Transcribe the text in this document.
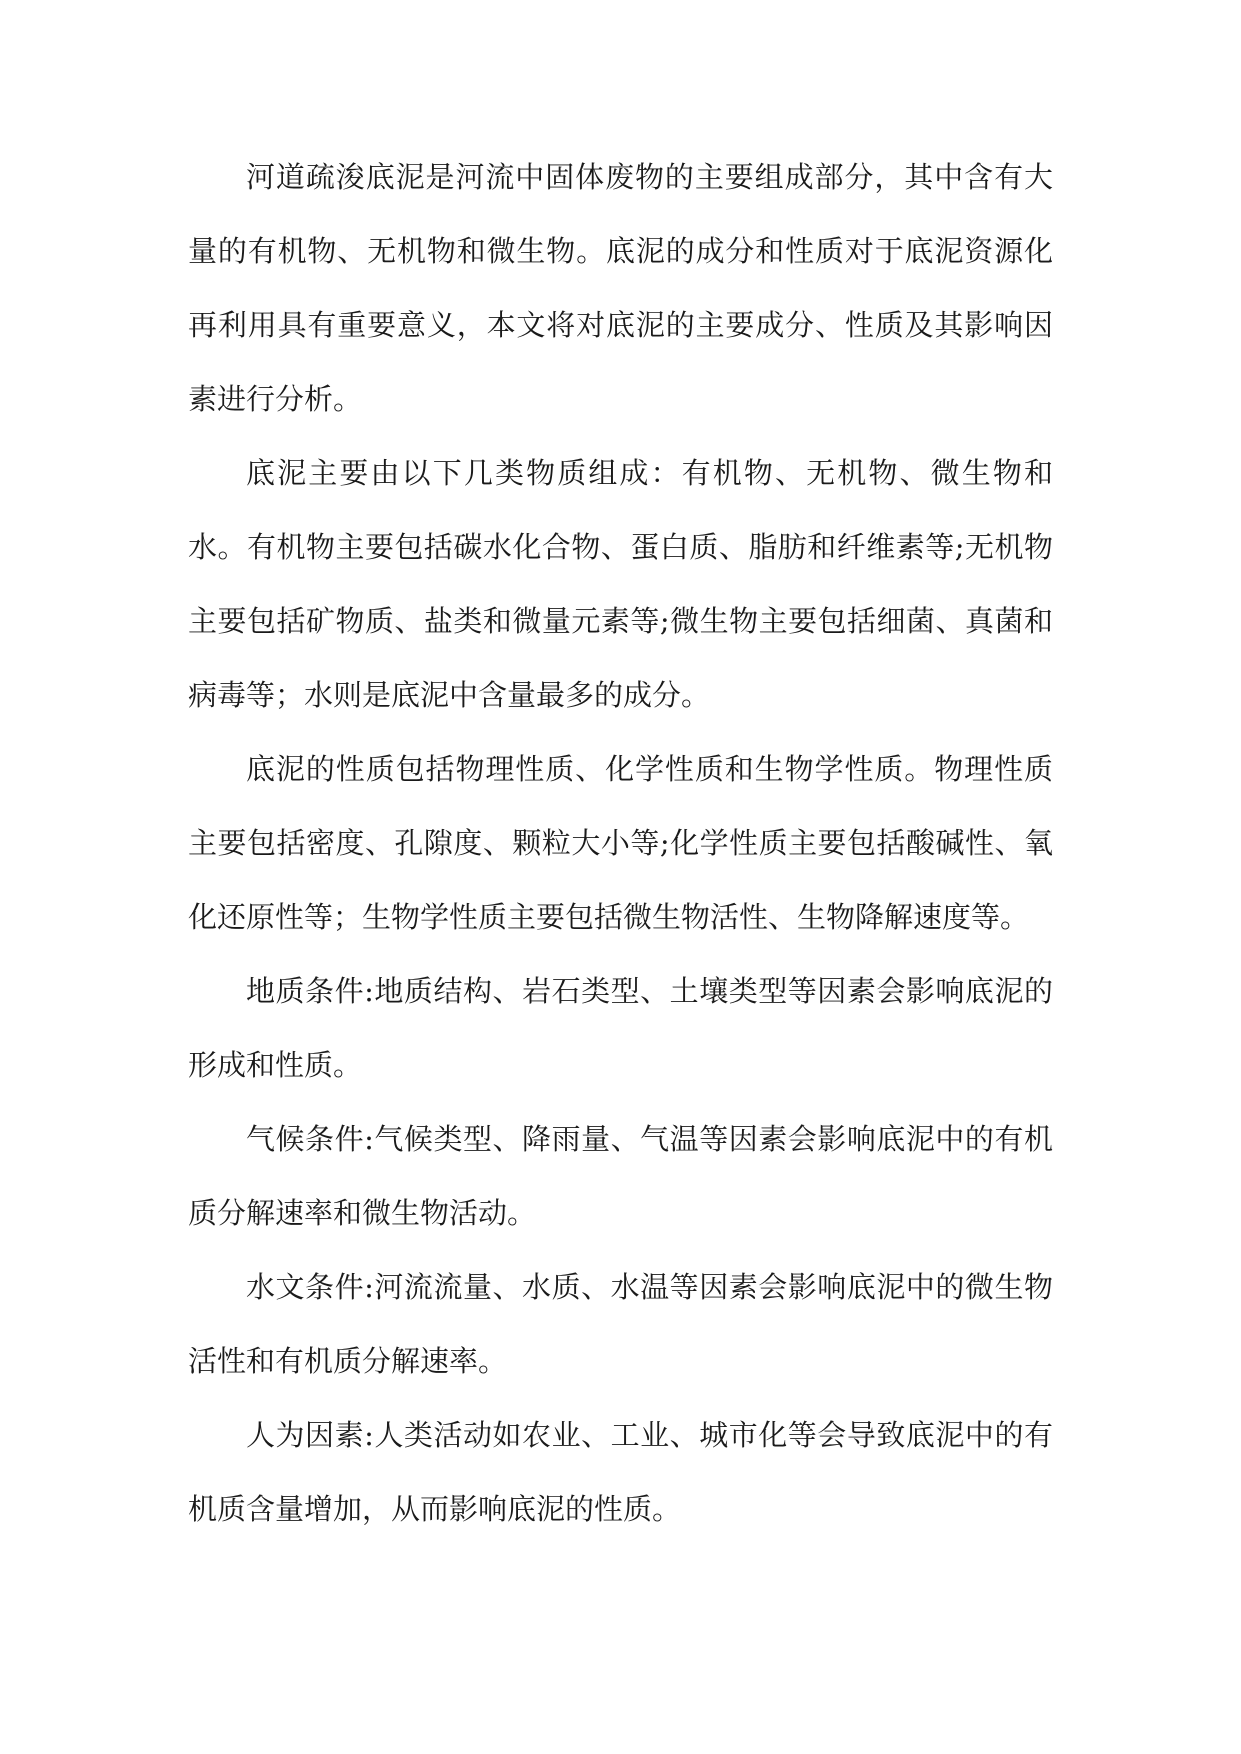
河道疏浚底泥是河流中固体废物的主要组成部分，其中含有大量的有机物、无机物和微生物。底泥的成分和性质对于底泥资源化再利用具有重要意义，本文将对底泥的主要成分、性质及其影响因素进行分析。

底泥主要由以下几类物质组成：有机物、无机物、微生物和水。有机物主要包括碳水化合物、蛋白质、脂肪和纤维素等;无机物主要包括矿物质、盐类和微量元素等;微生物主要包括细菌、真菌和病毒等；水则是底泥中含量最多的成分。

底泥的性质包括物理性质、化学性质和生物学性质。物理性质主要包括密度、孔隙度、颗粒大小等;化学性质主要包括酸碱性、氧化还原性等；生物学性质主要包括微生物活性、生物降解速度等。

地质条件:地质结构、岩石类型、土壤类型等因素会影响底泥的形成和性质。

气候条件:气候类型、降雨量、气温等因素会影响底泥中的有机质分解速率和微生物活动。

水文条件:河流流量、水质、水温等因素会影响底泥中的微生物活性和有机质分解速率。

人为因素:人类活动如农业、工业、城市化等会导致底泥中的有机质含量增加，从而影响底泥的性质。
